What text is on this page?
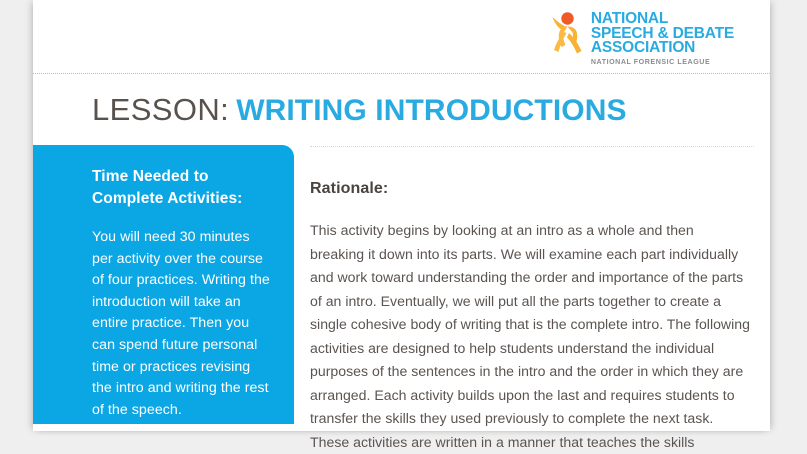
NATIONAL
SPEECH & DEBATE
ASSOCIATION
NATIONAL FORENSIC LEAGUE
LESSON: WRITING INTRODUCTIONS
Time Needed to Complete Activities:
You will need 30 minutes per activity over the course of four practices. Writing the introduction will take an entire practice. Then you can spend future personal time or practices revising the intro and writing the rest of the speech.
Rationale:

This activity begins by looking at an intro as a whole and then breaking it down into its parts. We will examine each part individually and work toward understanding the order and importance of the parts of an intro. Eventually, we will put all the parts together to create a single cohesive body of writing that is the complete intro. The following activities are designed to help students understand the individual purposes of the sentences in the intro and the order in which they are arranged. Each activity builds upon the last and requires students to transfer the skills they used previously to complete the next task. These activities are written in a manner that teaches the skills
